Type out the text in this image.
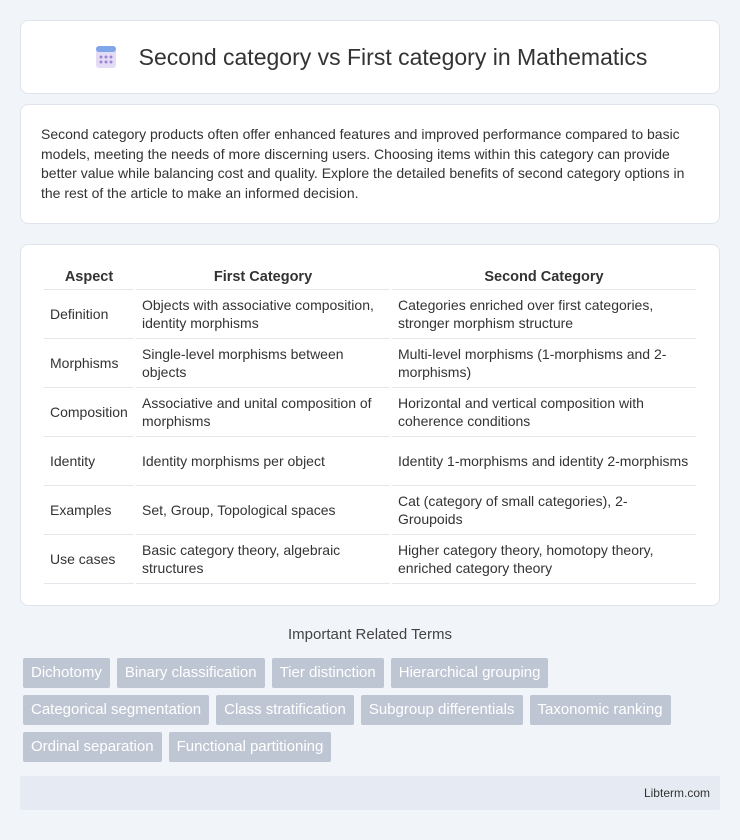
Second category vs First category in Mathematics

Second category products often offer enhanced features and improved performance compared to basic models, meeting the needs of more discerning users. Choosing items within this category can provide better value while balancing cost and quality. Explore the detailed benefits of second category options in the rest of the article to make an informed decision.

Aspect	First Category	Second Category
Definition	Objects with associative composition, identity morphisms	Categories enriched over first categories, stronger morphism structure
Morphisms	Single-level morphisms between objects	Multi-level morphisms (1-morphisms and 2-morphisms)
Composition	Associative and unital composition of morphisms	Horizontal and vertical composition with coherence conditions
Identity	Identity morphisms per object	Identity 1-morphisms and identity 2-morphisms
Examples	Set, Group, Topological spaces	Cat (category of small categories), 2-Groupoids
Use cases	Basic category theory, algebraic structures	Higher category theory, homotopy theory, enriched category theory
Important Related Terms
Dichotomy	Binary classification	Tier distinction	Hierarchical grouping
Categorical segmentation	Class stratification	Subgroup differentials	Taxonomic ranking
Ordinal separation	Functional partitioning
Libterm.com
